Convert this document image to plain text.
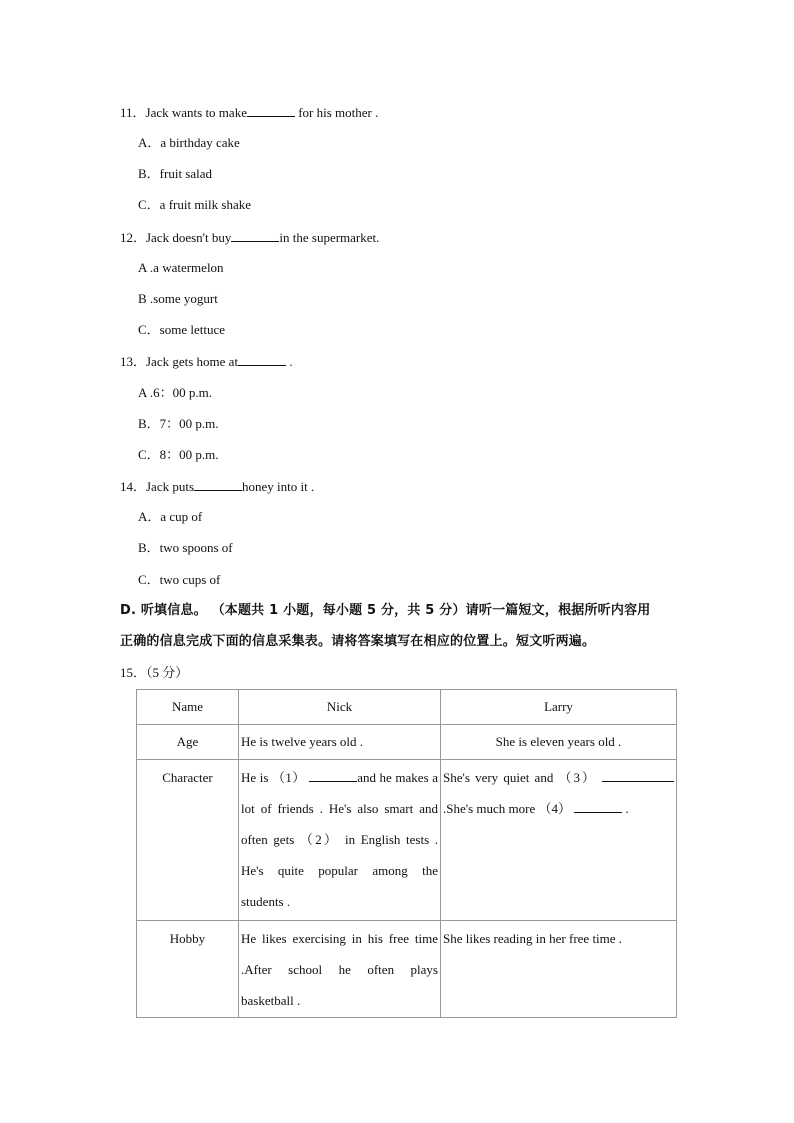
11．Jack wants to make	for his mother .
A．a birthday cake
B．fruit salad
C．a fruit milk shake
12．Jack doesn't buy	in the supermarket.
A .a watermelon
B .some yogurt
C．some lettuce
13．Jack gets home at	.
A .6：00 p.m.
B．7：00 p.m.
C．8：00 p.m.
14．Jack puts	honey into it .
A．a cup of
B．two spoons of
C．two cups of
D. 听填信息。 （本题共 1 小题，每小题 5 分，共 5 分）请听一篇短文，根据所听内容用
正确的信息完成下面的信息采集表。请将答案填写在相应的位置上。短文听两遍。
15．（5 分）
Name	Nick	Larry
Age	He is twelve years old .	She is eleven years old .
Character	He is （1） and he makes a lot of friends . He's also smart and often gets （2） in English tests . He's quite popular among the students .	She's very quiet and （3） .She's much more （4） .
Hobby	He likes exercising in his free time .After school he often plays basketball .	She likes reading in her free time .
